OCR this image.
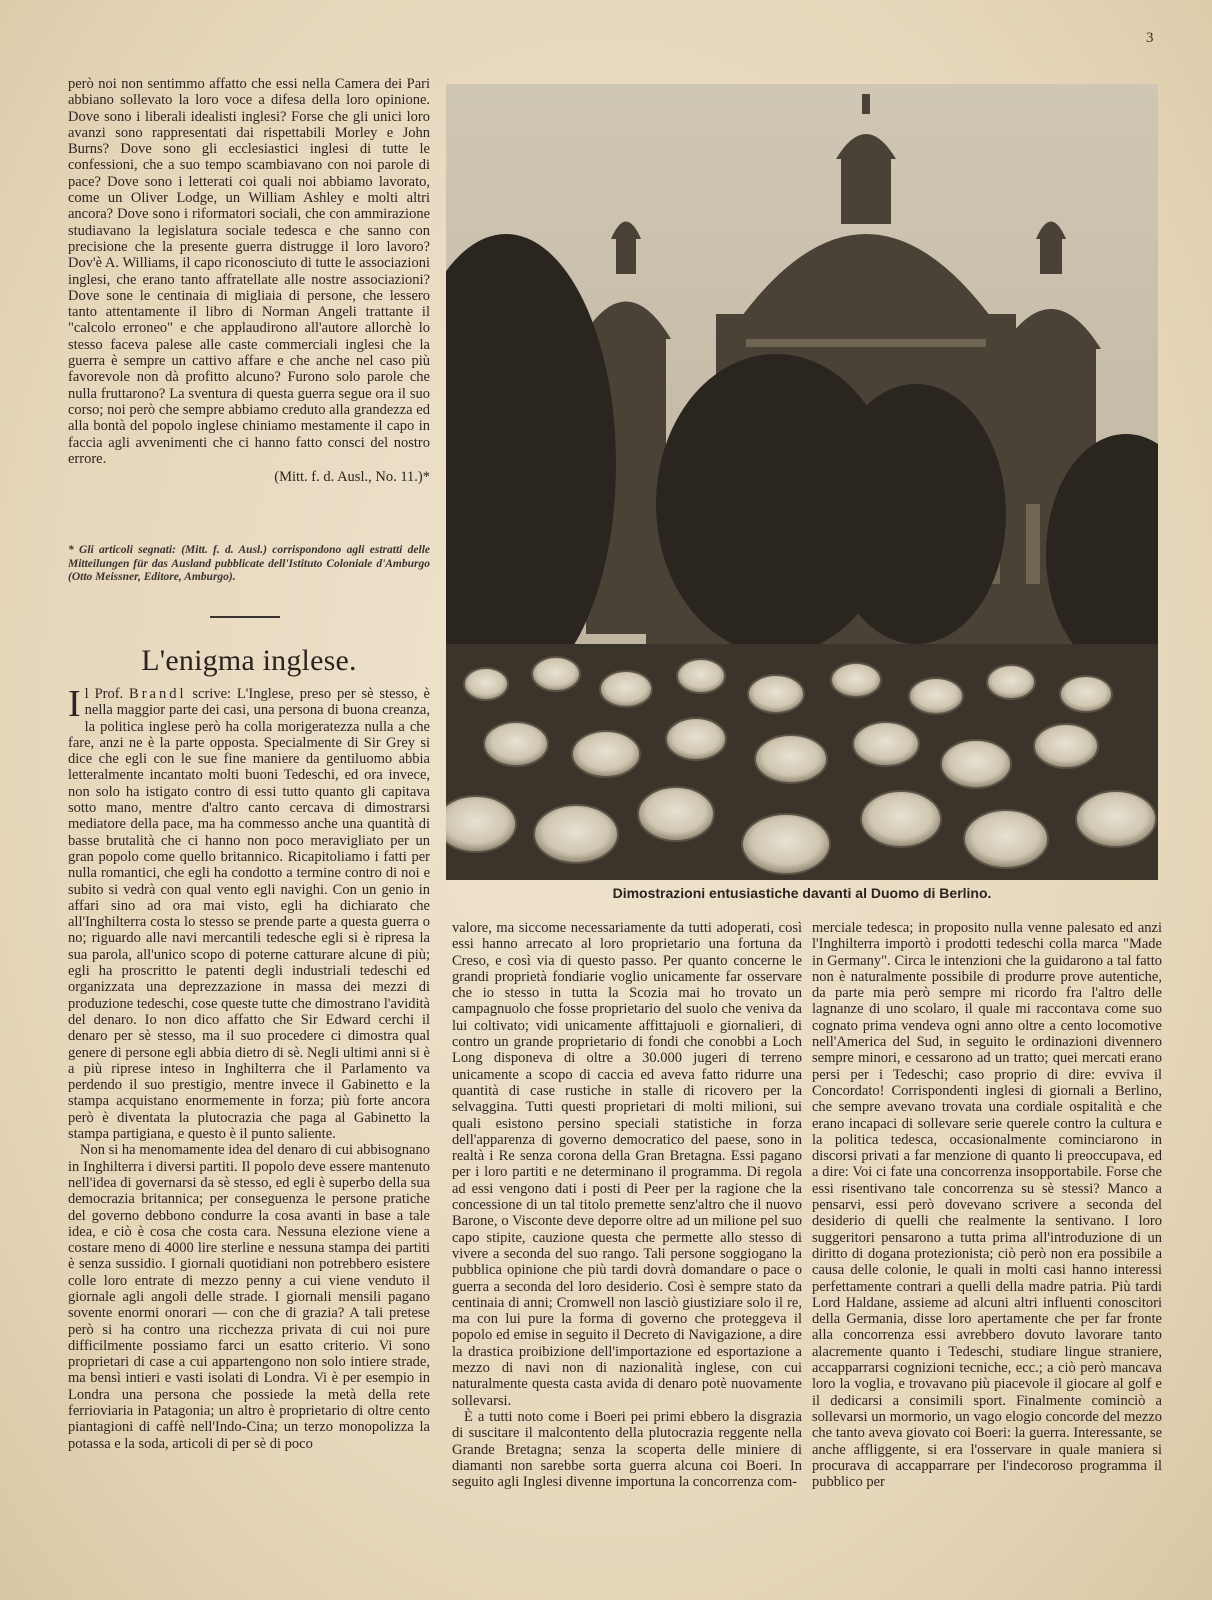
3

però noi non sentimmo affatto che essi nella Camera dei Pari abbiano sollevato la loro voce a difesa della loro opinione. Dove sono i liberali idealisti inglesi? Forse che gli unici loro avanzi sono rappresentati dai rispettabili Morley e John Burns? Dove sono gli ecclesiastici inglesi di tutte le confessioni, che a suo tempo scambiavano con noi parole di pace? Dove sono i letterati coi quali noi abbiamo lavorato, come un Oliver Lodge, un William Ashley e molti altri ancora? Dove sono i riformatori sociali, che con ammirazione studiavano la legislatura sociale tedesca e che sanno con precisione che la presente guerra distrugge il loro lavoro? Dov'è A. Williams, il capo riconosciuto di tutte le associazioni inglesi, che erano tanto affratellate alle nostre associazioni? Dove sone le centinaia di migliaia di persone, che lessero tanto attentamente il libro di Norman Angeli trattante il "calcolo erroneo" e che applaudirono all'autore allorchè lo stesso faceva palese alle caste commerciali inglesi che la guerra è sempre un cattivo affare e che anche nel caso più favorevole non dà profitto alcuno? Furono solo parole che nulla fruttarono? La sventura di questa guerra segue ora il suo corso; noi però che sempre abbiamo creduto alla grandezza ed alla bontà del popolo inglese chiniamo mestamente il capo in faccia agli avvenimenti che ci hanno fatto consci del nostro errore.

(Mitt. f. d. Ausl., No. 11.)*

* Gli articoli segnati: (Mitt. f. d. Ausl.) corrispondono agli estratti delle Mitteilungen für das Ausland pubblicate dell'Istituto Coloniale d'Amburgo (Otto Meissner, Editore, Amburgo).
L'enigma inglese.

Il Prof. Brandl scrive: L'Inglese, preso per sè stesso, è nella maggior parte dei casi, una persona di buona creanza, la politica inglese però ha colla morigeratezza nulla a che fare, anzi ne è la parte opposta. Specialmente di Sir Grey si dice che egli con le sue fine maniere da gentiluomo abbia letteralmente incantato molti buoni Tedeschi, ed ora invece, non solo ha istigato contro di essi tutto quanto gli capitava sotto mano, mentre d'altro canto cercava di dimostrarsi mediatore della pace, ma ha commesso anche una quantità di basse brutalità che ci hanno non poco meravigliato per un gran popolo come quello britannico. Ricapitoliamo i fatti per nulla romantici, che egli ha condotto a termine contro di noi e subito si vedrà con qual vento egli navighi. Con un genio in affari sino ad ora mai visto, egli ha dichiarato che all'Inghilterra costa lo stesso se prende parte a questa guerra o no; riguardo alle navi mercantili tedesche egli si è ripresa la sua parola, all'unico scopo di poterne catturare alcune di più; egli ha proscritto le patenti degli industriali tedeschi ed organizzata una deprezzazione in massa dei mezzi di produzione tedeschi, cose queste tutte che dimostrano l'avidità del denaro. Io non dico affatto che Sir Edward cerchi il denaro per sè stesso, ma il suo procedere ci dimostra qual genere di persone egli abbia dietro di sè. Negli ultimi anni si è a più riprese inteso in Inghilterra che il Parlamento va perdendo il suo prestigio, mentre invece il Gabinetto e la stampa acquistano enormemente in forza; più forte ancora però è diventata la plutocrazia che paga al Gabinetto la stampa partigiana, e questo è il punto saliente.

Non si ha menomamente idea del denaro di cui abbisognano in Inghilterra i diversi partiti. Il popolo deve essere mantenuto nell'idea di governarsi da sè stesso, ed egli è superbo della sua democrazia britannica; per conseguenza le persone pratiche del governo debbono condurre la cosa avanti in base a tale idea, e ciò è cosa che costa cara. Nessuna elezione viene a costare meno di 4000 lire sterline e nessuna stampa dei partiti è senza sussidio. I giornali quotidiani non potrebbero esistere colle loro entrate di mezzo penny a cui viene venduto il giornale agli angoli delle strade. I giornali mensili pagano sovente enormi onorari — con che di grazia? A tali pretese però si ha contro una ricchezza privata di cui noi pure difficilmente possiamo farci un esatto criterio. Vi sono proprietari di case a cui appartengono non solo intiere strade, ma bensì intieri e vasti isolati di Londra. Vi è per esempio in Londra una persona che possiede la metà della rete ferrioviaria in Patagonia; un altro è proprietario di oltre cento piantagioni di caffè nell'Indo-Cina; un terzo monopolizza la potassa e la soda, articoli di per sè di poco

Dimostrazioni entusiastiche davanti al Duomo di Berlino.

valore, ma siccome necessariamente da tutti adoperati, così essi hanno arrecato al loro proprietario una fortuna da Creso, e così via di questo passo. Per quanto concerne le grandi proprietà fondiarie voglio unicamente far osservare che io stesso in tutta la Scozia mai ho trovato un campagnuolo che fosse proprietario del suolo che veniva da lui coltivato; vidi unicamente affittajuoli e giornalieri, di contro un grande proprietario di fondi che conobbi a Loch Long disponeva di oltre a 30.000 jugeri di terreno unicamente a scopo di caccia ed aveva fatto ridurre una quantità di case rustiche in stalle di ricovero per la selvaggina. Tutti questi proprietari di molti milioni, sui quali esistono persino speciali statistiche in forza dell'apparenza di governo democratico del paese, sono in realtà i Re senza corona della Gran Bretagna. Essi pagano per i loro partiti e ne determinano il programma. Di regola ad essi vengono dati i posti di Peer per la ragione che la concessione di un tal titolo premette senz'altro che il nuovo Barone, o Visconte deve deporre oltre ad un milione pel suo capo stipite, cauzione questa che permette allo stesso di vivere a seconda del suo rango. Tali persone soggiogano la pubblica opinione che più tardi dovrà domandare o pace o guerra a seconda del loro desiderio. Così è sempre stato da centinaia di anni; Cromwell non lasciò giustiziare solo il re, ma con lui pure la forma di governo che proteggeva il popolo ed emise in seguito il Decreto di Navigazione, a dire la drastica proibizione dell'importazione ed esportazione a mezzo di navi non di nazionalità inglese, con cui naturalmente questa casta avida di denaro potè nuovamente sollevarsi.

È a tutti noto come i Boeri pei primi ebbero la disgrazia di suscitare il malcontento della plutocrazia reggente nella Grande Bretagna; senza la scoperta delle miniere di diamanti non sarebbe sorta guerra alcuna coi Boeri. In seguito agli Inglesi divenne importuna la concorrenza com-

merciale tedesca; in proposito nulla venne palesato ed anzi l'Inghilterra importò i prodotti tedeschi colla marca "Made in Germany". Circa le intenzioni che la guidarono a tal fatto non è naturalmente possibile di produrre prove autentiche, da parte mia però sempre mi ricordo fra l'altro delle lagnanze di uno scolaro, il quale mi raccontava come suo cognato prima vendeva ogni anno oltre a cento locomotive nell'America del Sud, in seguito le ordinazioni divennero sempre minori, e cessarono ad un tratto; quei mercati erano persi per i Tedeschi; caso proprio di dire: evviva il Concordato! Corrispondenti inglesi di giornali a Berlino, che sempre avevano trovata una cordiale ospitalità e che erano incapaci di sollevare serie querele contro la cultura e la politica tedesca, occasionalmente cominciarono in discorsi privati a far menzione di quanto li preoccupava, ed a dire: Voi ci fate una concorrenza insopportabile. Forse che essi risentivano tale concorrenza su sè stessi? Manco a pensarvi, essi però dovevano scrivere a seconda del desiderio di quelli che realmente la sentivano. I loro suggeritori pensarono a tutta prima all'introduzione di un diritto di dogana protezionista; ciò però non era possibile a causa delle colonie, le quali in molti casi hanno interessi perfettamente contrari a quelli della madre patria. Più tardi Lord Haldane, assieme ad alcuni altri influenti conoscitori della Germania, disse loro apertamente che per far fronte alla concorrenza essi avrebbero dovuto lavorare tanto alacremente quanto i Tedeschi, studiare lingue straniere, accapparrarsi cognizioni tecniche, ecc.; a ciò però mancava loro la voglia, e trovavano più piacevole il giocare al golf e il dedicarsi a consimili sport. Finalmente cominciò a sollevarsi un mormorio, un vago elogio concorde del mezzo che tanto aveva giovato coi Boeri: la guerra. Interessante, se anche affliggente, si era l'osservare in quale maniera si procurava di accapparrare per l'indecoroso programma il pubblico per
